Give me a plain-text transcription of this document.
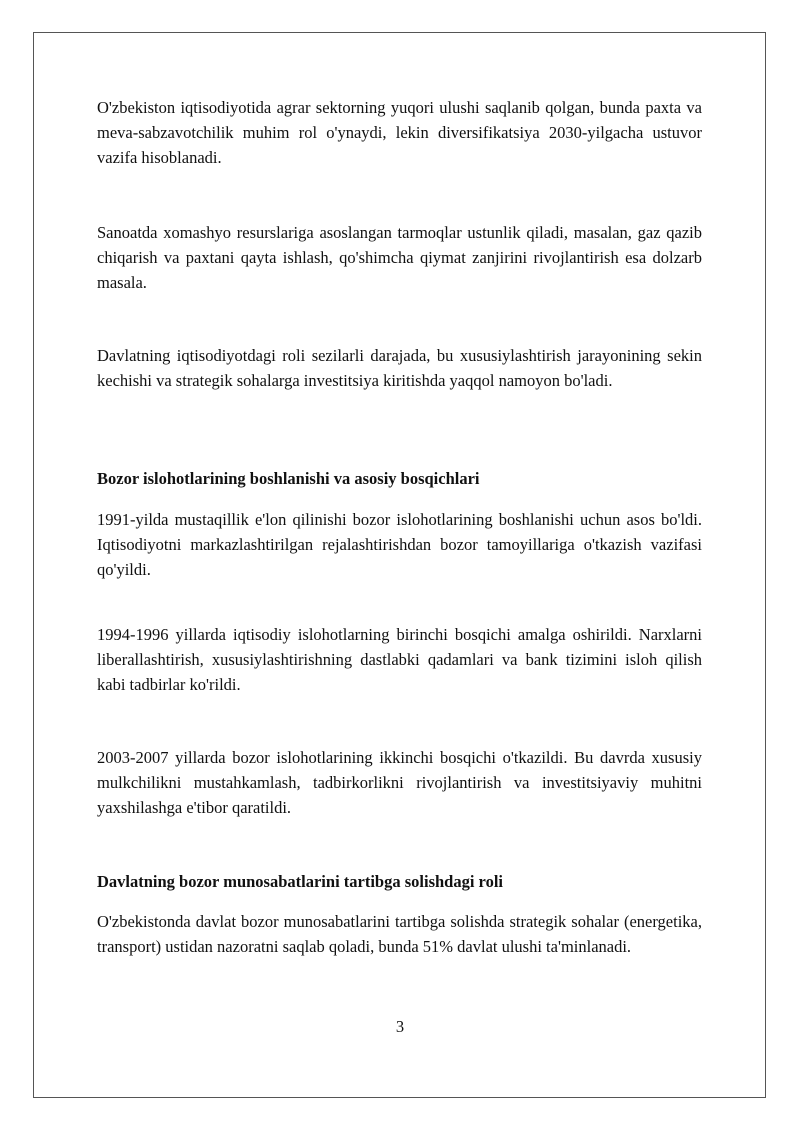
O'zbekiston iqtisodiyotida agrar sektorning yuqori ulushi saqlanib qolgan, bunda paxta va meva-sabzavotchilik muhim rol o'ynaydi, lekin diversifikatsiya 2030-yilgacha ustuvor vazifa hisoblanadi.

Sanoatda xomashyo resurslariga asoslangan tarmoqlar ustunlik qiladi, masalan, gaz qazib chiqarish va paxtani qayta ishlash, qo'shimcha qiymat zanjirini rivojlantirish esa dolzarb masala.

Davlatning iqtisodiyotdagi roli sezilarli darajada, bu xususiylashtirish jarayonining sekin kechishi va strategik sohalarga investitsiya kiritishda yaqqol namoyon bo'ladi.

Bozor islohotlarining boshlanishi va asosiy bosqichlari

1991-yilda mustaqillik e'lon qilinishi bozor islohotlarining boshlanishi uchun asos bo'ldi. Iqtisodiyotni markazlashtirilgan rejalashtirishdan bozor tamoyillariga o'tkazish vazifasi qo'yildi.

1994-1996 yillarda iqtisodiy islohotlarning birinchi bosqichi amalga oshirildi. Narxlarni liberallashtirish, xususiylashtirishning dastlabki qadamlari va bank tizimini isloh qilish kabi tadbirlar ko'rildi.

2003-2007 yillarda bozor islohotlarining ikkinchi bosqichi o'tkazildi. Bu davrda xususiy mulkchilikni mustahkamlash, tadbirkorlikni rivojlantirish va investitsiyaviy muhitni yaxshilashga e'tibor qaratildi.

Davlatning bozor munosabatlarini tartibga solishdagi roli

O'zbekistonda davlat bozor munosabatlarini tartibga solishda strategik sohalar (energetika, transport) ustidan nazoratni saqlab qoladi, bunda 51% davlat ulushi ta'minlanadi.

3
